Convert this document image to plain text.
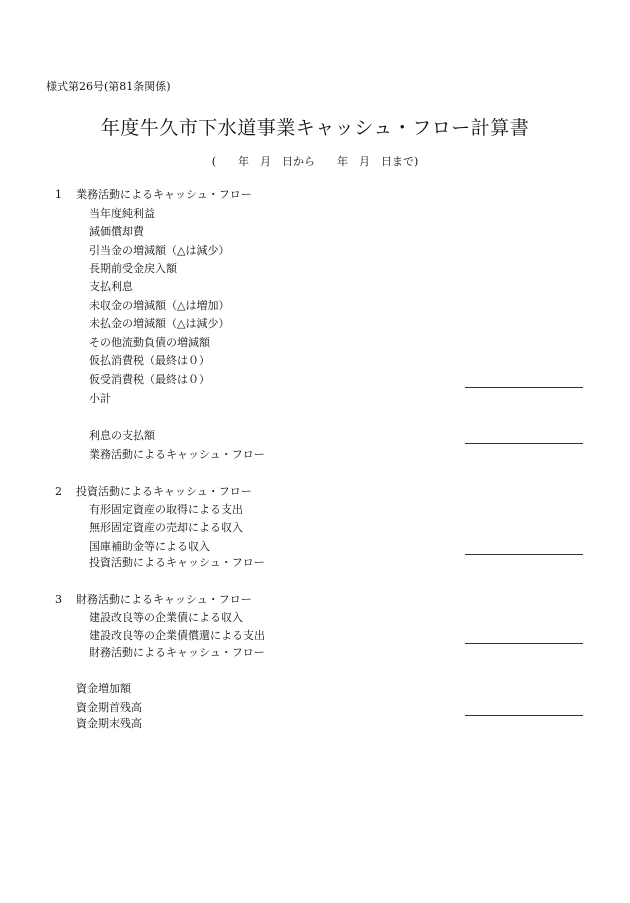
様式第26号(第81条関係)
年度牛久市下水道事業キャッシュ・フロー計算書
(　　年　月　日から　　年　月　日まで)
1 業務活動によるキャッシュ・フロー
当年度純利益
減価償却費
引当金の増減額（△は減少）
長期前受金戻入額
支払利息
未収金の増減額（△は増加）
未払金の増減額（△は減少）
その他流動負債の増減額
仮払消費税（最終は０）
仮受消費税（最終は０）
小計
利息の支払額
業務活動によるキャッシュ・フロー
2 投資活動によるキャッシュ・フロー
有形固定資産の取得による支出
無形固定資産の売却による収入
国庫補助金等による収入
投資活動によるキャッシュ・フロー
3 財務活動によるキャッシュ・フロー
建設改良等の企業債による収入
建設改良等の企業債償還による支出
財務活動によるキャッシュ・フロー
資金増加額
資金期首残高
資金期末残高
